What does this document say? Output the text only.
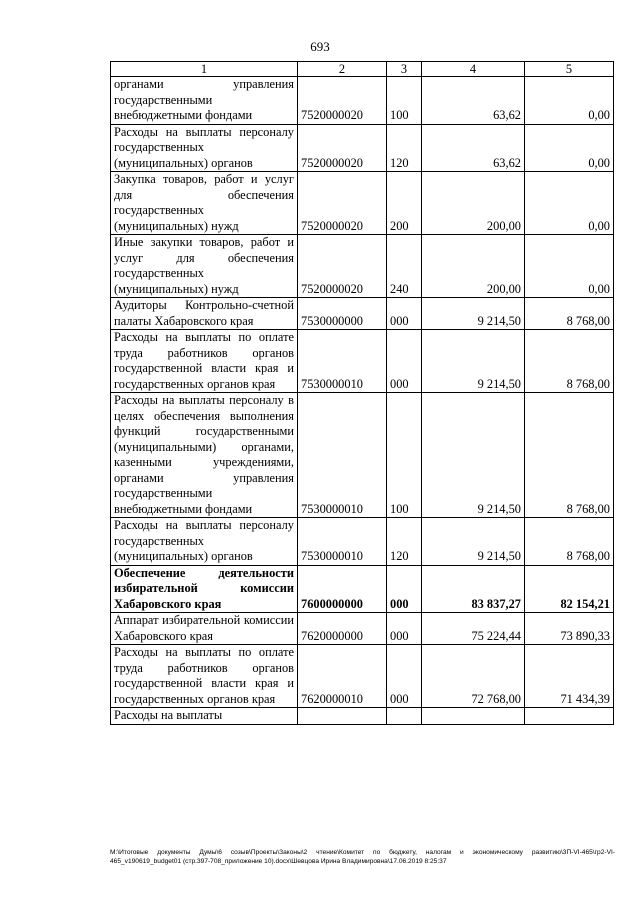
693
1	2	3	4	5
органами управления государственными внебюджетными фондами	7520000020	100	63,62	0,00
Расходы на выплаты персоналу государственных (муниципальных) органов	7520000020	120	63,62	0,00
Закупка товаров, работ и услуг для обеспечения государственных (муниципальных) нужд	7520000020	200	200,00	0,00
Иные закупки товаров, работ и услуг для обеспечения государственных (муниципальных) нужд	7520000020	240	200,00	0,00
Аудиторы Контрольно-счетной палаты Хабаровского края	7530000000	000	9 214,50	8 768,00
Расходы на выплаты по оплате труда работников органов государственной власти края и государственных органов края	7530000010	000	9 214,50	8 768,00
Расходы на выплаты персоналу в целях обеспечения выполнения функций государственными (муниципальными) органами, казенными учреждениями, органами управления государственными внебюджетными фондами	7530000010	100	9 214,50	8 768,00
Расходы на выплаты персоналу государственных (муниципальных) органов	7530000010	120	9 214,50	8 768,00
Обеспечение деятельности избирательной комиссии Хабаровского края	7600000000	000	83 837,27	82 154,21
Аппарат избирательной комиссии Хабаровского края	7620000000	000	75 224,44	73 890,33
Расходы на выплаты по оплате труда работников органов государственной власти края и государственных органов края	7620000010	000	72 768,00	71 434,39
Расходы на выплаты				
M:\Итоговые документы Думы\6 созыв\Проекты\Законы\2 чтение\Комитет по бюджету, налогам и экономическому развитию\3П-VI-465\гр2-VI-465_v190619_budget01 (стр.397-708_приложение 10).docx\Шевцова Ирина Владимировна\17.06.2019 8:25:37
